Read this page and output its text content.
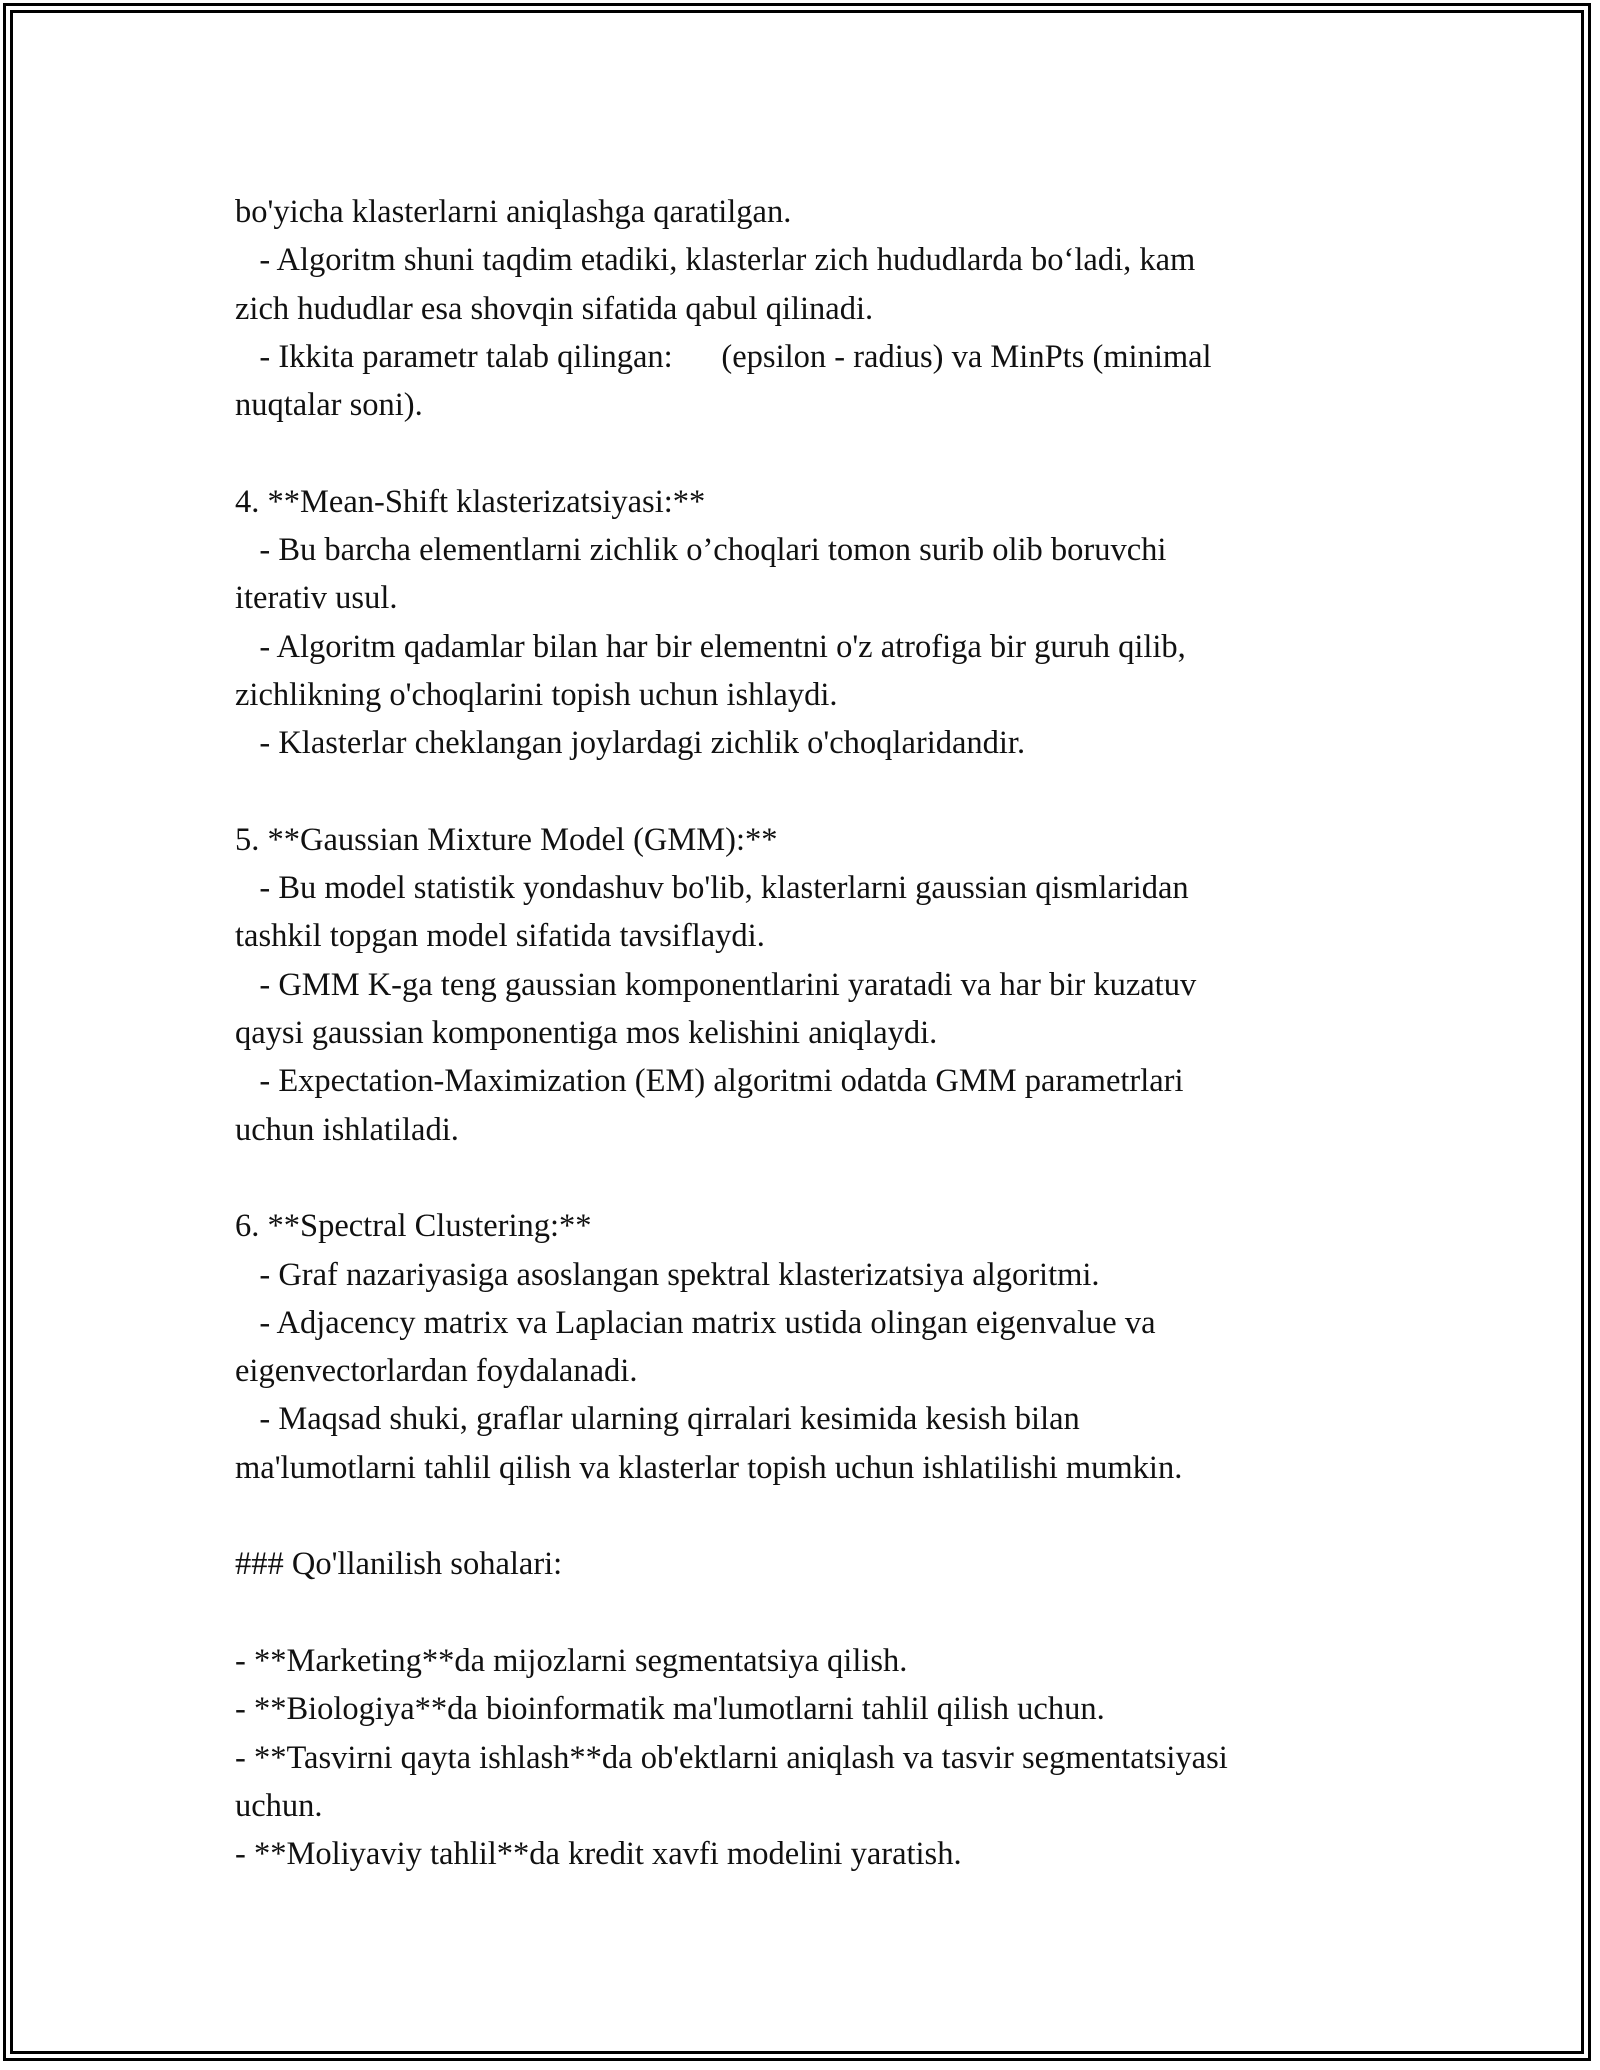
bo'yicha klasterlarni aniqlashga qaratilgan.
- Algoritm shuni taqdim etadiki, klasterlar zich hududlarda bo‘ladi, kam
zich hududlar esa shovqin sifatida qabul qilinadi.
- Ikkita parametr talab qilingan:      (epsilon - radius) va MinPts (minimal
nuqtalar soni).
4. **Mean-Shift klasterizatsiyasi:**
- Bu barcha elementlarni zichlik o’choqlari tomon surib olib boruvchi
iterativ usul.
- Algoritm qadamlar bilan har bir elementni o'z atrofiga bir guruh qilib,
zichlikning o'choqlarini topish uchun ishlaydi.
- Klasterlar cheklangan joylardagi zichlik o'choqlaridandir.
5. **Gaussian Mixture Model (GMM):**
- Bu model statistik yondashuv bo'lib, klasterlarni gaussian qismlaridan
tashkil topgan model sifatida tavsiflaydi.
- GMM K-ga teng gaussian komponentlarini yaratadi va har bir kuzatuv
qaysi gaussian komponentiga mos kelishini aniqlaydi.
- Expectation-Maximization (EM) algoritmi odatda GMM parametrlari
uchun ishlatiladi.
6. **Spectral Clustering:**
- Graf nazariyasiga asoslangan spektral klasterizatsiya algoritmi.
- Adjacency matrix va Laplacian matrix ustida olingan eigenvalue va
eigenvectorlardan foydalanadi.
- Maqsad shuki, graflar ularning qirralari kesimida kesish bilan
ma'lumotlarni tahlil qilish va klasterlar topish uchun ishlatilishi mumkin.
### Qo'llanilish sohalari:
- **Marketing**da mijozlarni segmentatsiya qilish.
- **Biologiya**da bioinformatik ma'lumotlarni tahlil qilish uchun.
- **Tasvirni qayta ishlash**da ob'ektlarni aniqlash va tasvir segmentatsiyasi
uchun.
- **Moliyaviy tahlil**da kredit xavfi modelini yaratish.
